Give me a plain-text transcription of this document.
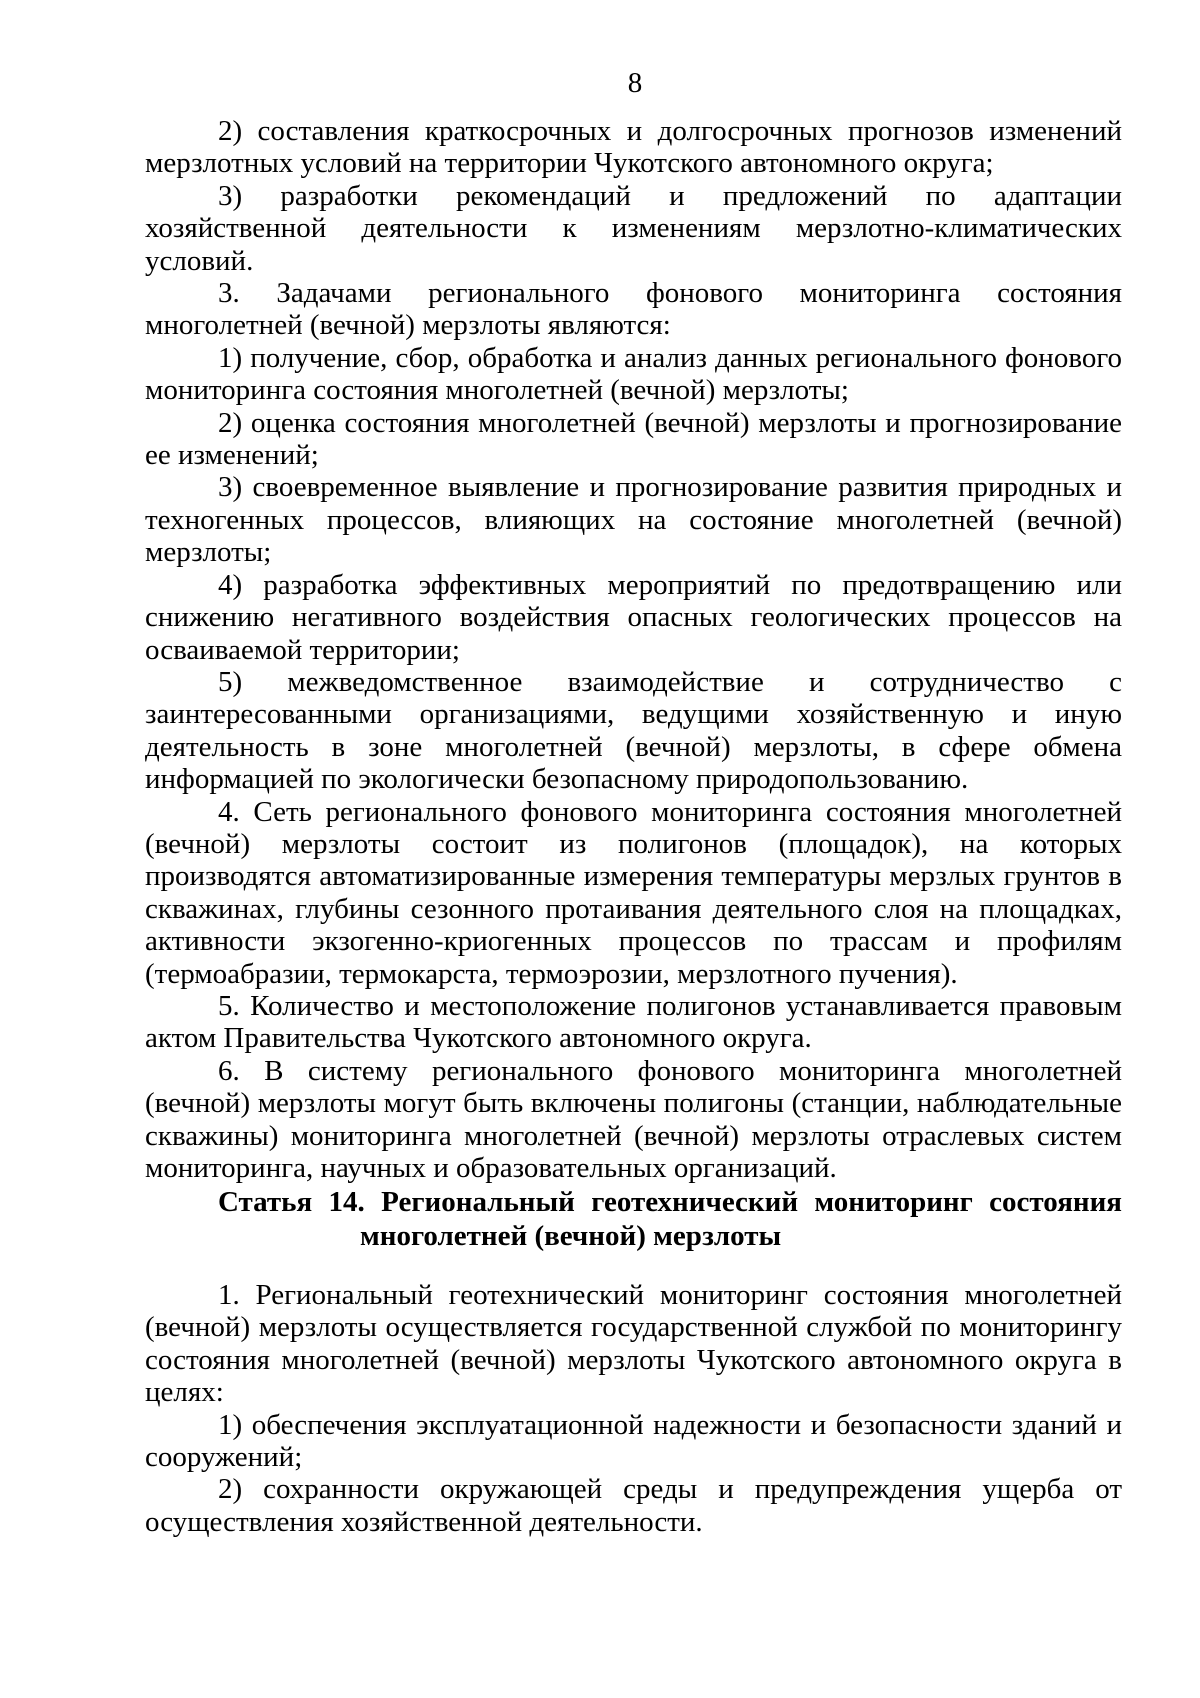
8

2) составления краткосрочных и долгосрочных прогнозов изменений мерзлотных условий на территории Чукотского автономного округа;

3) разработки рекомендаций и предложений по адаптации хозяйственной деятельности к изменениям мерзлотно-климатических условий.

3. Задачами регионального фонового мониторинга состояния многолетней (вечной) мерзлоты являются:

1) получение, сбор, обработка и анализ данных регионального фонового мониторинга состояния многолетней (вечной) мерзлоты;

2) оценка состояния многолетней (вечной) мерзлоты и прогнозирование ее изменений;

3) своевременное выявление и прогнозирование развития природных и техногенных процессов, влияющих на состояние многолетней (вечной) мерзлоты;

4) разработка эффективных мероприятий по предотвращению или снижению негативного воздействия опасных геологических процессов на осваиваемой территории;

5) межведомственное взаимодействие и сотрудничество с заинтересованными организациями, ведущими хозяйственную и иную деятельность в зоне многолетней (вечной) мерзлоты, в сфере обмена информацией по экологически безопасному природопользованию.

4. Сеть регионального фонового мониторинга состояния многолетней (вечной) мерзлоты состоит из полигонов (площадок), на которых производятся автоматизированные измерения температуры мерзлых грунтов в скважинах, глубины сезонного протаивания деятельного слоя на площадках, активности экзогенно-криогенных процессов по трассам и профилям (термоабразии, термокарста, термоэрозии, мерзлотного пучения).

5. Количество и местоположение полигонов устанавливается правовым актом Правительства Чукотского автономного округа.

6. В систему регионального фонового мониторинга многолетней (вечной) мерзлоты могут быть включены полигоны (станции, наблюдательные скважины) мониторинга многолетней (вечной) мерзлоты отраслевых систем мониторинга, научных и образовательных организаций.

Статья 14. Региональный геотехнический мониторинг состояния
многолетней (вечной) мерзлоты

1. Региональный геотехнический мониторинг состояния многолетней (вечной) мерзлоты осуществляется государственной службой по мониторингу состояния многолетней (вечной) мерзлоты Чукотского автономного округа в целях:

1) обеспечения эксплуатационной надежности и безопасности зданий и сооружений;

2) сохранности окружающей среды и предупреждения ущерба от осуществления хозяйственной деятельности.
